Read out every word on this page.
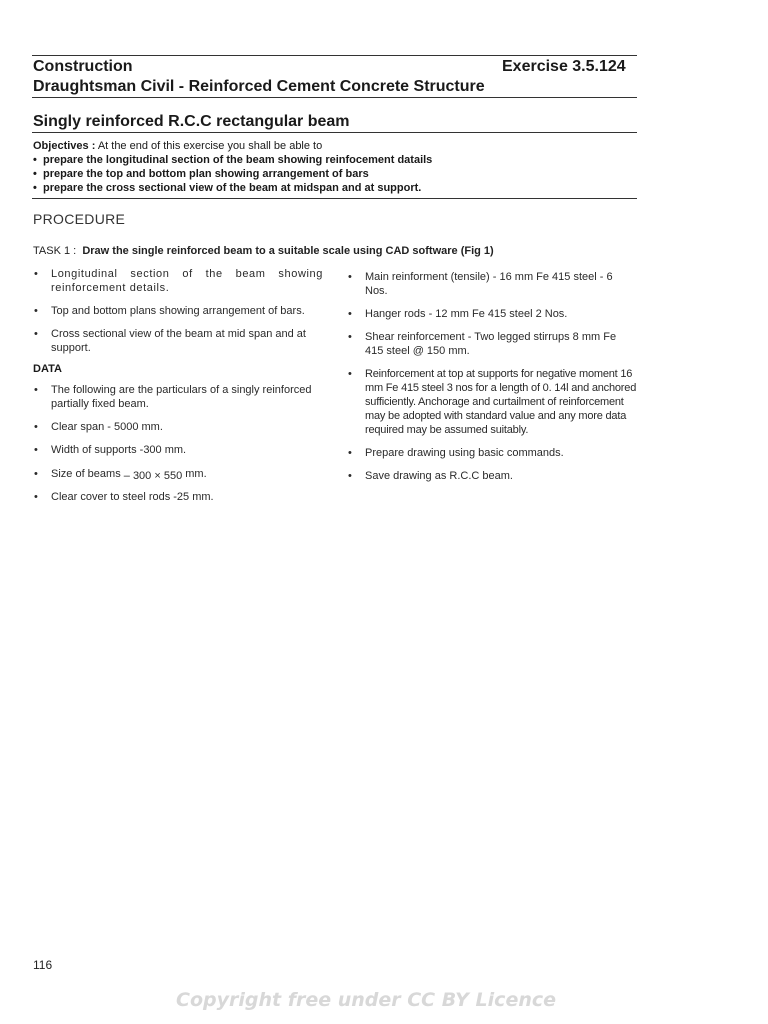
Construction	Exercise 3.5.124
Draughtsman Civil - Reinforced Cement Concrete Structure
Singly reinforced R.C.C rectangular beam
Objectives : At the end of this exercise you shall be able to
•  prepare the longitudinal section of the beam showing reinfocement datails
•  prepare the top and bottom plan showing arrangement of bars
•  prepare the cross sectional view of the beam at midspan and at support.
PROCEDURE
TASK 1 : Draw the single reinforced beam to a suitable scale using CAD software (Fig 1)
• Longitudinal section of the beam showing reinforcement details.
• Top and bottom plans showing arrangement of bars.
• Cross sectional view of the beam at mid span and at support.
DATA
• The following are the particulars of a singly reinforced partially fixed beam.
• Clear span - 5000 mm.
• Width of supports -300 mm.
• Size of beams – 300 × 550 mm.
• Clear cover to steel rods -25 mm.
• Main reinforment (tensile) - 16 mm Fe 415 steel - 6 Nos.
• Hanger rods - 12 mm Fe 415 steel 2 Nos.
• Shear reinforcement - Two legged stirrups 8 mm Fe 415 steel @ 150 mm.
• Reinforcement at top at supports for negative moment 16 mm Fe 415 steel 3 nos for a length of 0. 14l and anchored sufficiently. Anchorage and curtailment of reinforcement may be adopted with standard value and any more data required may be assumed suitably.
• Prepare drawing using basic commands.
• Save drawing as R.C.C beam.
116
Copyright free under CC BY Licence
